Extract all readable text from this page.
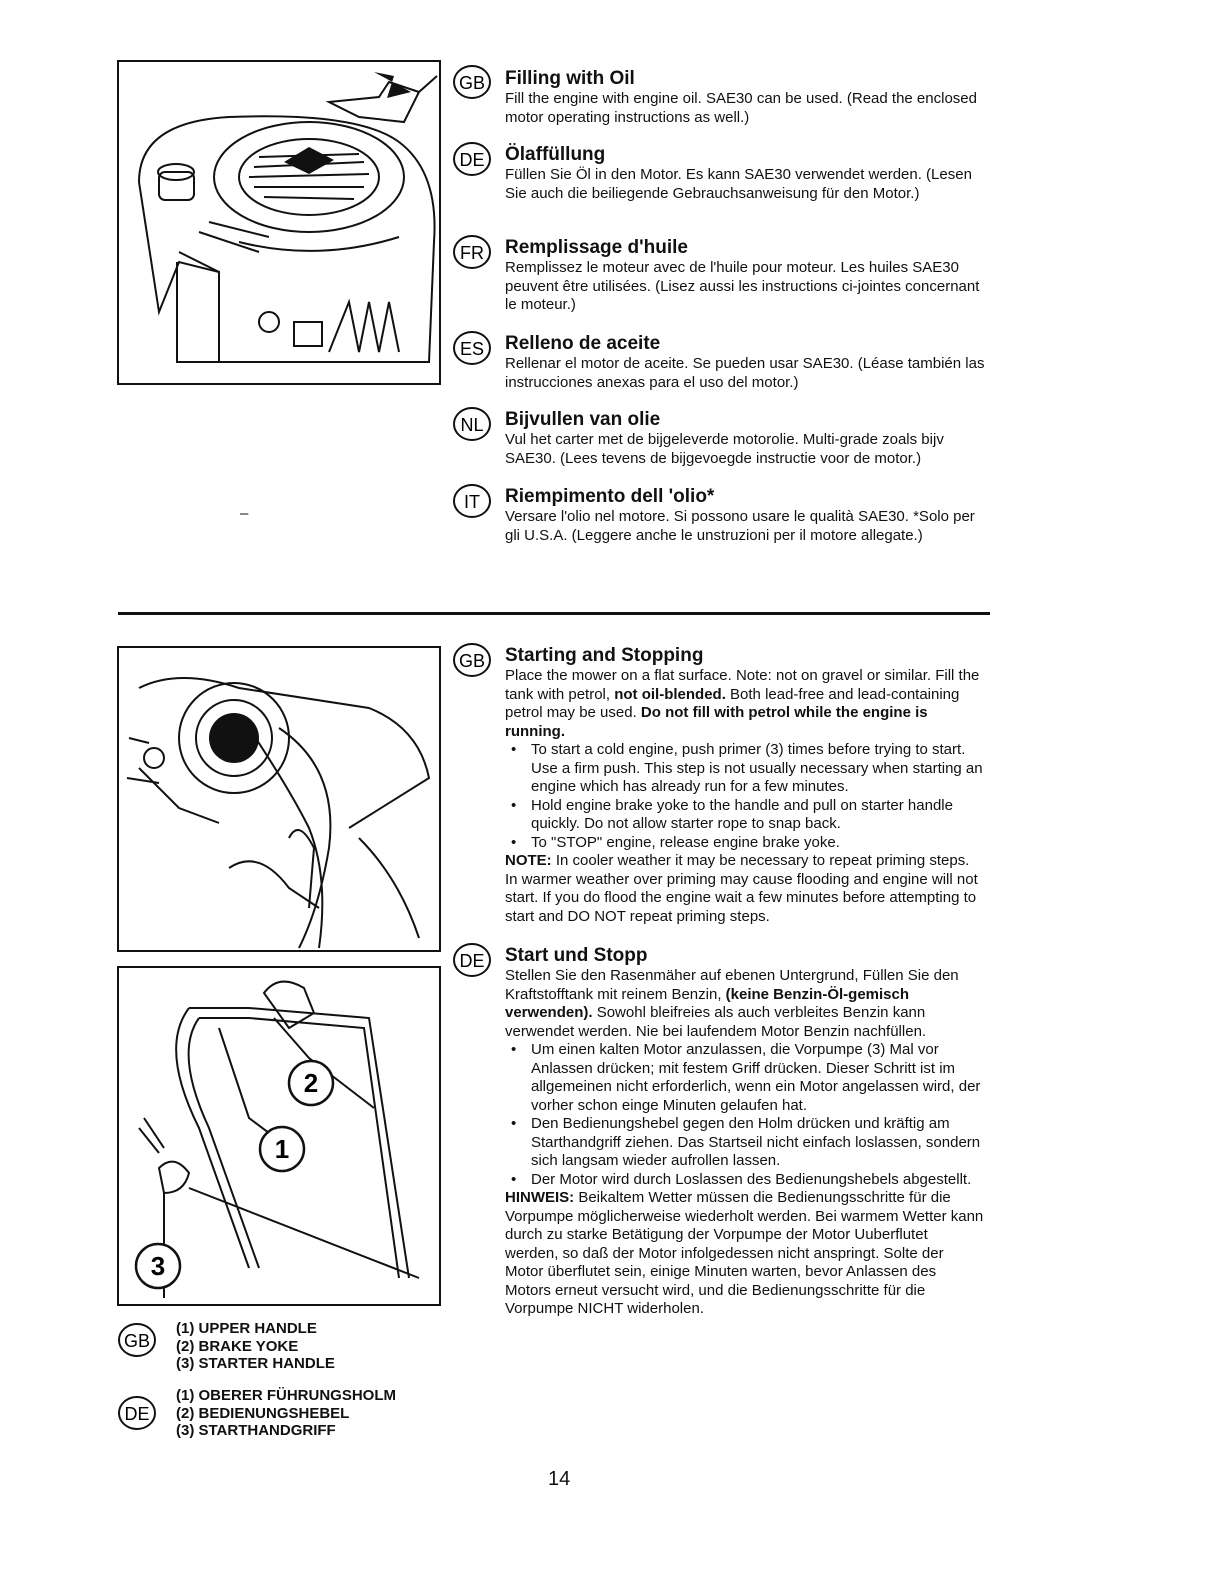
GB Filling with Oil

Fill the engine with engine oil. SAE30 can be used. (Read the enclosed motor operating instructions as well.)

DE Ölaffüllung

Füllen Sie Öl in den Motor. Es kann SAE30 verwendet werden. (Lesen Sie auch die beiliegende Gebrauchsanweisung für den Motor.)

FR Remplissage d'huile

Remplissez le moteur avec de l'huile pour moteur. Les huiles SAE30 peuvent être utilisées. (Lisez aussi les instructions ci-jointes concernant le moteur.)

ES Relleno de aceite

Rellenar el motor de aceite. Se pueden usar SAE30. (Léase también las instrucciones anexas para el uso del motor.)

NL Bijvullen van olie

Vul het carter met de bijgeleverde motorolie. Multi-grade zoals bijv SAE30. (Lees tevens de bijgevoegde instructie voor de motor.)

IT Riempimento dell 'olio*

Versare l'olio nel motore. Si possono usare le qualità SAE30. *Solo per gli U.S.A. (Leggere anche le unstruzioni per il motore allegate.)

–
2
1
3
GB Starting and Stopping

Place the mower on a flat surface. Note: not on gravel or similar. Fill the tank with petrol, not oil-blended. Both lead-free and lead-containing petrol may be used. Do not fill with petrol while the engine is running.

• To start a cold engine, push primer (3) times before trying to start. Use a firm push. This step is not usually necessary when starting an engine which has already run for a few minutes.
• Hold engine brake yoke to the handle and pull on starter handle quickly. Do not allow starter rope to snap back.
• To "STOP" engine, release engine brake yoke.

NOTE: In cooler weather it may be necessary to repeat priming steps. In warmer weather over priming may cause flooding and engine will not start. If you do flood the engine wait a few minutes before attempting to start and DO NOT repeat priming steps.

DE Start und Stopp

Stellen Sie den Rasenmäher auf ebenen Untergrund, Füllen Sie den Kraftstofftank mit reinem Benzin, (keine Benzin-Öl-gemisch verwenden). Sowohl bleifreies als auch verbleites Benzin kann verwendet werden. Nie bei laufendem Motor Benzin nachfüllen.

• Um einen kalten Motor anzulassen, die Vorpumpe (3) Mal vor Anlassen drücken; mit festem Griff drücken. Dieser Schritt ist im allgemeinen nicht erforderlich, wenn ein Motor angelassen wird, der vorher schon einge Minuten gelaufen hat.
• Den Bedienungshebel gegen den Holm drücken und kräftig am Starthandgriff ziehen. Das Startseil nicht einfach loslassen, sondern sich langsam wieder aufrollen lassen.
• Der Motor wird durch Loslassen des Bedienungshebels abgestellt.

HINWEIS: Beikaltem Wetter müssen die Bedienungsschritte für die Vorpumpe möglicherweise wiederholt werden. Bei warmem Wetter kann durch zu starke Betätigung der Vorpumpe der Motor Uuberflutet werden, so daß der Motor infolgedessen nicht anspringt. Solte der Motor überflutet sein, einige Minuten warten, bevor Anlassen des Motors erneut versucht wird, und die Bedienungsschritte für die Vorpumpe NICHT widerholen.

GB
(1) UPPER HANDLE
(2) BRAKE YOKE
(3) STARTER HANDLE
DE
(1) OBERER FÜHRUNGSHOLM
(2) BEDIENUNGSHEBEL
(3) STARTHANDGRIFF
14
